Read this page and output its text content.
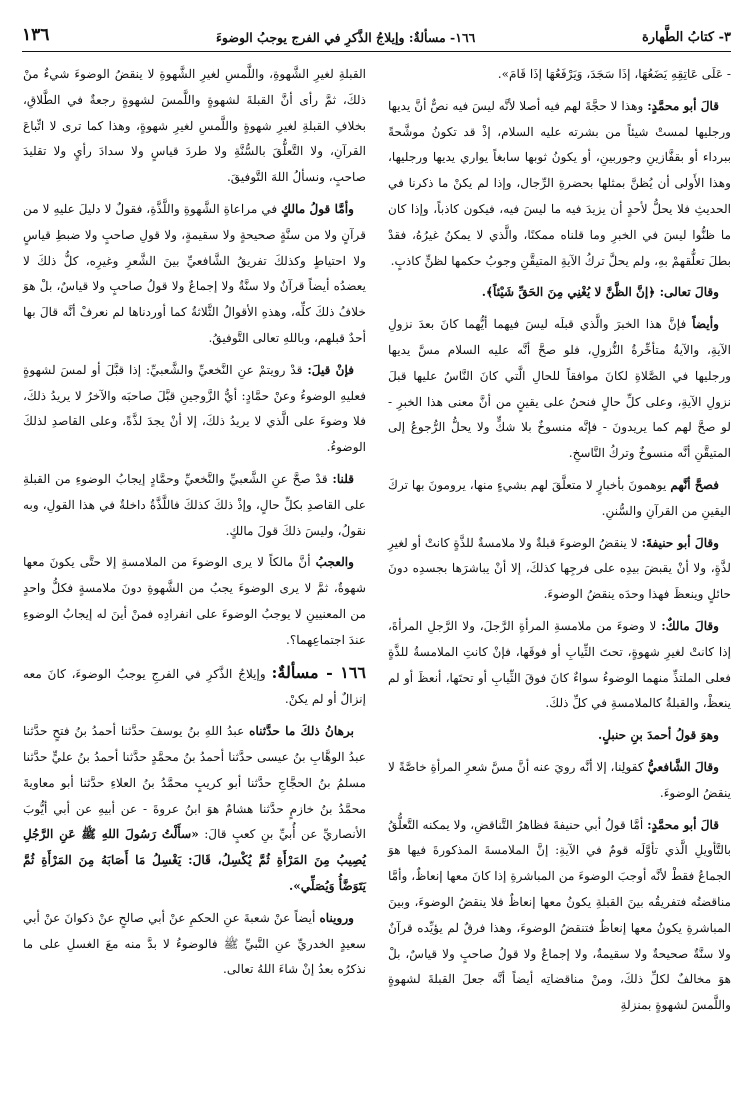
٣- كتابُ الطَّهارة
١٦٦- مسألةٌ: وإيلاجُ الذَّكرِ في الفرج يوجبُ الوضوءَ
١٣٦

- عَلَى عَاتِقِهِ يَضَعُهَا، إذَا سَجَدَ، وَيَرْفَعُهَا إذَا قَامَ».

قالَ أبو محمَّدٍ: وهذا لا حجَّةَ لهم فيه أصلا لأنَّه ليسَ فيه نصٌّ أنَّ يديها ورجليها لمستْ شيئاً من بشرته عليه السلام، إذْ قد تكونُ موشَّحةً ببرداء أو بقفَّازينِ وجوربينِ، أو يكونُ ثوبها سابغاً يواري يديها ورجليها، وهذا الأَولى أن يُظنَّ بمثلها بحضرةِ الرِّجال، وإذا لم يكنْ ما ذكرنا في الحديثِ فلا يحلُّ لأحدٍ أن يزيدَ فيه ما ليسَ فيه، فيكون كاذباً، وإذا كان ما ظنُّوا ليسَ في الخبرِ وما قلناه ممكنًا، والَّذي لا يمكنُ غيرُهُ، فقدْ بطلَ تعلُّقهمْ بهِ، ولم يحلَّ تركُ الآيةِ المتيقَّنِ وجوبُ حكمها لظنٍّ كاذبٍ.

وقالَ تعالى: ﴿إنَّ الظَّنَّ لا يُغْنِي مِنَ الحَقِّ شَيْئاً﴾.

وأيضاً فإنَّ هذا الخبرَ والَّذي قبلَه ليسَ فيهما أيُّهما كانَ بعدَ نزولِ الآيةِ، والآيةُ متأخِّرةُ النُّزولِ، فلو صحَّ أنَّه عليه السلام مسَّ يديها ورجليها في الصَّلاةِ لكانَ موافقاً للحالِ الَّتي كانَ النَّاسُ عليها قبلَ نزولِ الآيةِ، وعلى كلِّ حالٍ فنحنُ على يقينٍ من أنَّ معنى هذا الخبرِ - لو صحَّ لهم كما يريدونَ - فإنَّه منسوخٌ بلا شكٍّ ولا يحلُّ الرُّجوعُ إلى المتيقَّنِ أنَّه منسوخٌ وتركُ النَّاسخِ.

فصحَّ أنَّهم يوهمونَ بأخبارٍ لا متعلَّقَ لهم بشيءٍ منها، يرومونَ بها تركَ اليقينِ من القرآنِ والسُّننِ.

وقالَ أبو حنيفةَ: لا ينقضُ الوضوءَ قبلةٌ ولا ملامسةٌ للذَّةٍ كانتْ أو لغيرِ لذَّةٍ، ولا أنْ يقبضَ بيدِه على فرجِها كذلكَ، إلا أنْ يباشرَها بجسدِه دونَ حائلٍ وينعظَ فهذا وحدَه ينقضُ الوضوءَ.

وقالَ مالكٌ: لا وضوءَ من ملامسةِ المرأةِ الرَّجلَ، ولا الرَّجلِ المرأةَ، إذا كانتْ لغيرِ شهوةٍ، تحتَ الثِّيابِ أو فوقَها، فإنْ كانتِ الملامسةُ للذَّةٍ فعلى الملتذِّ منهما الوضوءُ سواءٌ كانَ فوقَ الثِّيابِ أو تحتَها، أنعظَ أو لم ينعظْ، والقبلةُ كالملامسةِ في كلِّ ذلكَ.

وهوَ قولُ أحمدَ بنِ حنبلٍ.

وقالَ الشَّافعيُّ كقولِنا، إلا أنَّه رويَ عنه أنَّ مسَّ شعرِ المرأةِ خاصَّةً لا ينقضُ الوضوءَ.

قالَ أبو محمَّدٍ: أمَّا قولُ أبي حنيفةَ فظاهرُ التَّناقضِ، ولا يمكنه التَّعلُّقُ بالتَّأويلِ الَّذي تأوَّلَه قومٌ في الآيةِ: إنَّ الملامسةَ المذكورةَ فيها هوَ الجماعُ فقطْ لأنَّه أوجبَ الوضوءَ من المباشرةِ إذا كانَ معها إنعاظٌ، وأمَّا مناقضتُه فتفريقُه بينَ القبلةِ يكونُ معها إنعاظٌ فلا ينقضُ الوضوءَ، وبينَ المباشرةِ يكونُ معها إنعاظٌ فتنقضُ الوضوءَ، وهذا فرقٌ لم يؤيِّده قرآنٌ ولا سنَّةٌ صحيحةٌ ولا سقيمةٌ، ولا إجماعٌ ولا قولُ صاحبٍ ولا قياسٌ، بلْ هوَ مخالفٌ لكلِّ ذلكَ، ومنْ مناقضاتِه أيضاً أنَّه جعلَ القبلةَ لشهوةٍ واللَّمسَ لشهوةٍ بمنزلةِ

القبلةِ لغيرِ الشَّهوةِ، واللَّمسِ لغيرِ الشَّهوةِ لا ينقضُ الوضوءَ شيءٌ منْ ذلكَ، ثمَّ رأى أنَّ القبلةَ لشهوةٍ واللَّمسَ لشهوةٍ رجعةٌ في الطَّلاقِ، بخلافِ القبلةِ لغيرِ شهوةٍ واللَّمسِ لغيرِ شهوةٍ، وهذا كما ترى لا اتِّباعَ القرآنِ، ولا التَّعلُّقَ بالسُّنَّةِ ولا طردَ قياسٍ ولا سدادَ رأيٍ ولا تقليدَ صاحبٍ، ونسألُ اللهَ التَّوفيقَ.

وأمَّا قولُ مالكٍ في مراعاةِ الشَّهوةِ واللَّذَّةِ، فقولٌ لا دليلَ عليهِ لا من قرآنٍ ولا من سنَّةٍ صحيحةٍ ولا سقيمةٍ، ولا قولِ صاحبٍ ولا ضبطِ قياسٍ ولا احتياطٍ وكذلكَ تفريقُ الشَّافعيِّ بينَ الشَّعرِ وغيرِه، كلُّ ذلكَ لا يعضدُه أيضاً قرآنٌ ولا سنَّةٌ ولا إجماعٌ ولا قولُ صاحبٍ ولا قياسٌ، بلْ هوَ خلافُ ذلكَ كلِّه، وهذهِ الأقوالُ الثَّلاثةُ كما أوردناها لم نعرفْ أنَّه قالَ بها أحدٌ قبلهم، وباللهِ تعالى التَّوفيقُ.

فإنْ قيلَ: قدْ رويتمْ عنِ النَّخعيِّ والشَّعبيِّ: إذا قبَّلَ أو لمسَ لشهوةٍ فعليهِ الوضوءُ وعنْ حمَّادٍ: أيُّ الزَّوجينِ قبَّلَ صاحبَه والآخرُ لا يريدُ ذلكَ، فلا وضوءَ على الَّذي لا يريدُ ذلكَ، إلا أنْ يجدَ لذَّةً، وعلى القاصدِ لذلكَ الوضوءُ.

قلنا: قدْ صحَّ عنِ الشَّعبيِّ والنَّخعيِّ وحمَّادٍ إيجابُ الوضوءِ من القبلةِ على القاصدِ بكلِّ حالٍ، وإذْ ذلكَ كذلكَ فاللَّذَّةُ داخلةٌ في هذا القولِ، وبه نقولُ، وليسَ ذلكَ قولَ مالكٍ.

والعجبُ أنَّ مالكاً لا يرى الوضوءَ من الملامسةِ إلا حتَّى يكونَ معها شهوةٌ، ثمَّ لا يرى الوضوءَ يجبُ من الشَّهوةِ دونَ ملامسةٍ فكلُّ واحدٍ من المعنيينِ لا يوجبُ الوضوءَ على انفرادِه فمنْ أينَ له إيجابُ الوضوءِ عندَ اجتماعِهما؟.

١٦٦ - مسألةٌ: وإيلاجُ الذَّكرِ في الفرجِ يوجبُ الوضوءَ، كانَ معه إنزالٌ أو لم يكنْ.

برهانُ ذلكَ ما حدَّثناه عبدُ اللهِ بنُ يوسفَ حدَّثنا أحمدُ بنُ فتحٍ حدَّثنا عبدُ الوهَّابِ بنُ عيسى حدَّثنا أحمدُ بنُ محمَّدٍ حدَّثنا أحمدُ بنُ عليٍّ حدَّثنا مسلمُ بنُ الحجَّاجِ حدَّثنا أبو كريبٍ محمَّدُ بنُ العلاءِ حدَّثنا أبو معاويةَ محمَّدُ بنُ خازمٍ حدَّثنا هشامٌ هوَ ابنُ عروةَ - عن أبيهِ عن أبي أيُّوبَ الأنصاريِّ عن أُبيِّ بنِ كعبٍ قالَ: «سأَلْتُ رَسُولَ اللهِ ﷺ عَنِ الرَّجُلِ يُصِيبُ مِنَ المَرْأَةِ ثُمَّ يُكْسِلُ، قَالَ: يَغْسِلُ مَا أَصَابَهُ مِنَ المَرْأَةِ ثُمَّ يَتَوَضَّأُ وَيُصَلِّي».

ورويناه أيضاً عنْ شعبةَ عنِ الحكمِ عنْ أبي صالحٍ عنْ ذكوانَ عنْ أبي سعيدٍ الخدريِّ عنِ النَّبيِّ ﷺ فالوضوءُ لا بدَّ منه معَ الغسلِ على ما نذكرُه بعدُ إنْ شاءَ اللهُ تعالى.
